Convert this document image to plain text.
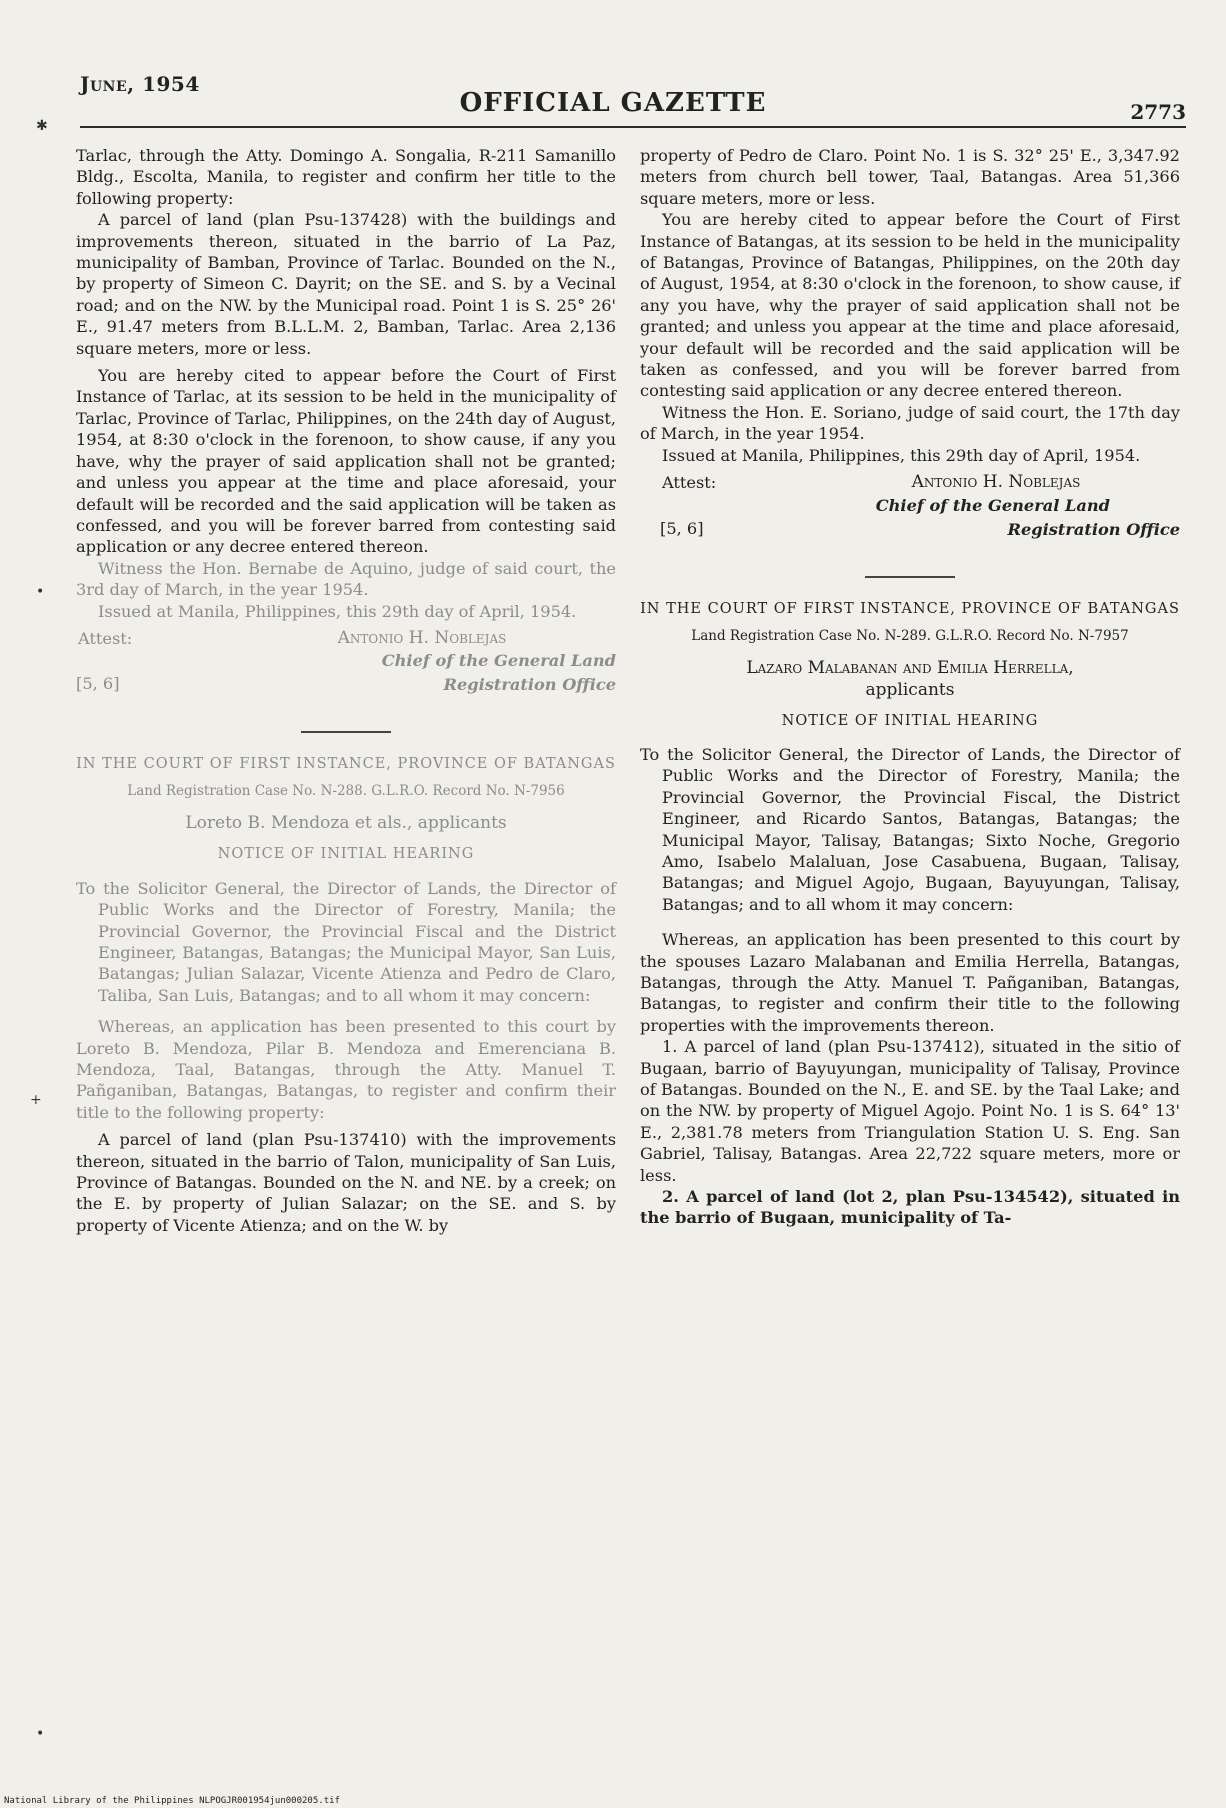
June, 1954
OFFICIAL GAZETTE	2773
✱
•
+
•

Tarlac, through the Atty. Domingo A. Songalia, R-211 Samanillo Bldg., Escolta, Manila, to register and confirm her title to the following property:

A parcel of land (plan Psu-137428) with the buildings and improvements thereon, situated in the barrio of La Paz, municipality of Bamban, Province of Tarlac. Bounded on the N., by property of Simeon C. Dayrit; on the SE. and S. by a Vecinal road; and on the NW. by the Municipal road. Point 1 is S. 25° 26' E., 91.47 meters from B.L.L.M. 2, Bamban, Tarlac. Area 2,136 square meters, more or less.

You are hereby cited to appear before the Court of First Instance of Tarlac, at its session to be held in the municipality of Tarlac, Province of Tarlac, Philippines, on the 24th day of August, 1954, at 8:30 o'clock in the forenoon, to show cause, if any you have, why the prayer of said application shall not be granted; and unless you appear at the time and place aforesaid, your default will be recorded and the said application will be taken as confessed, and you will be forever barred from contesting said application or any decree entered thereon.

Witness the Hon. Bernabe de Aquino, judge of said court, the 3rd day of March, in the year 1954.

Issued at Manila, Philippines, this 29th day of April, 1954.

Attest:	Antonio H. Noblejas
Chief of the General Land
[5, 6]	Registration Office
IN THE COURT OF FIRST INSTANCE, PROVINCE OF BATANGAS
Land Registration Case No. N-288. G.L.R.O. Record No. N-7956
Loreto B. Mendoza et als., applicants
NOTICE OF INITIAL HEARING

To the Solicitor General, the Director of Lands, the Director of Public Works and the Director of Forestry, Manila; the Provincial Governor, the Provincial Fiscal and the District Engineer, Batangas, Batangas; the Municipal Mayor, San Luis, Batangas; Julian Salazar, Vicente Atienza and Pedro de Claro, Taliba, San Luis, Batangas; and to all whom it may concern:

Whereas, an application has been presented to this court by Loreto B. Mendoza, Pilar B. Mendoza and Emerenciana B. Mendoza, Taal, Batangas, through the Atty. Manuel T. Pañganiban, Batangas, Batangas, to register and confirm their title to the following property:

A parcel of land (plan Psu-137410) with the improvements thereon, situated in the barrio of Talon, municipality of San Luis, Province of Batangas. Bounded on the N. and NE. by a creek; on the E. by property of Julian Salazar; on the SE. and S. by property of Vicente Atienza; and on the W. by

property of Pedro de Claro. Point No. 1 is S. 32° 25' E., 3,347.92 meters from church bell tower, Taal, Batangas. Area 51,366 square meters, more or less.

You are hereby cited to appear before the Court of First Instance of Batangas, at its session to be held in the municipality of Batangas, Province of Batangas, Philippines, on the 20th day of August, 1954, at 8:30 o'clock in the forenoon, to show cause, if any you have, why the prayer of said application shall not be granted; and unless you appear at the time and place aforesaid, your default will be recorded and the said application will be taken as confessed, and you will be forever barred from contesting said application or any decree entered thereon.

Witness the Hon. E. Soriano, judge of said court, the 17th day of March, in the year 1954.

Issued at Manila, Philippines, this 29th day of April, 1954.

Attest:	Antonio H. Noblejas
Chief of the General Land
[5, 6]	Registration Office
IN THE COURT OF FIRST INSTANCE, PROVINCE OF BATANGAS
Land Registration Case No. N-289. G.L.R.O. Record No. N-7957
Lazaro Malabanan and Emilia Herrella,
applicants
NOTICE OF INITIAL HEARING

To the Solicitor General, the Director of Lands, the Director of Public Works and the Director of Forestry, Manila; the Provincial Governor, the Provincial Fiscal, the District Engineer, and Ricardo Santos, Batangas, Batangas; the Municipal Mayor, Talisay, Batangas; Sixto Noche, Gregorio Amo, Isabelo Malaluan, Jose Casabuena, Bugaan, Talisay, Batangas; and Miguel Agojo, Bugaan, Bayuyungan, Talisay, Batangas; and to all whom it may concern:

Whereas, an application has been presented to this court by the spouses Lazaro Malabanan and Emilia Herrella, Batangas, Batangas, through the Atty. Manuel T. Pañganiban, Batangas, Batangas, to register and confirm their title to the following properties with the improvements thereon.

1. A parcel of land (plan Psu-137412), situated in the sitio of Bugaan, barrio of Bayuyungan, municipality of Talisay, Province of Batangas. Bounded on the N., E. and SE. by the Taal Lake; and on the NW. by property of Miguel Agojo. Point No. 1 is S. 64° 13' E., 2,381.78 meters from Triangulation Station U. S. Eng. San Gabriel, Talisay, Batangas. Area 22,722 square meters, more or less.

2. A parcel of land (lot 2, plan Psu-134542), situated in the barrio of Bugaan, municipality of Ta-

National Library of the Philippines NLPOGJR001954jun000205.tif
